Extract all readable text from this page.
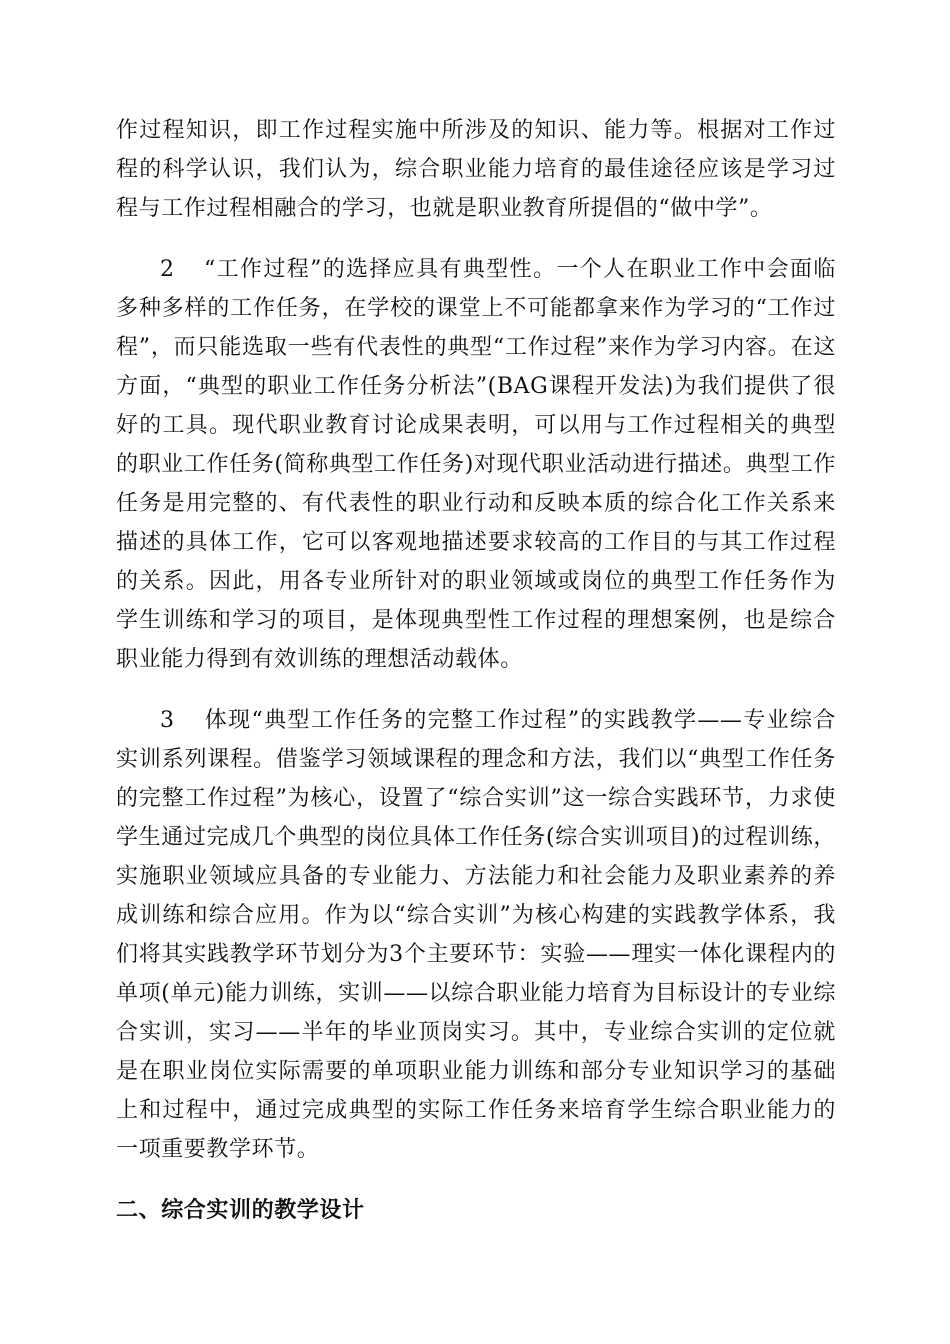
作过程知识，即工作过程实施中所涉及的知识、能力等。根据对工作过程的科学认识，我们认为，综合职业能力培育的最佳途径应该是学习过程与工作过程相融合的学习，也就是职业教育所提倡的“做中学”。

2 “工作过程”的选择应具有典型性。一个人在职业工作中会面临多种多样的工作任务，在学校的课堂上不可能都拿来作为学习的“工作过程”，而只能选取一些有代表性的典型“工作过程”来作为学习内容。在这方面，“典型的职业工作任务分析法”(BAG课程开发法)为我们提供了很好的工具。现代职业教育讨论成果表明，可以用与工作过程相关的典型的职业工作任务(简称典型工作任务)对现代职业活动进行描述。典型工作任务是用完整的、有代表性的职业行动和反映本质的综合化工作关系来描述的具体工作，它可以客观地描述要求较高的工作目的与其工作过程的关系。因此，用各专业所针对的职业领域或岗位的典型工作任务作为学生训练和学习的项目，是体现典型性工作过程的理想案例，也是综合职业能力得到有效训练的理想活动载体。

3 体现“典型工作任务的完整工作过程”的实践教学——专业综合实训系列课程。借鉴学习领域课程的理念和方法，我们以“典型工作任务的完整工作过程”为核心，设置了“综合实训”这一综合实践环节，力求使学生通过完成几个典型的岗位具体工作任务(综合实训项目)的过程训练，实施职业领域应具备的专业能力、方法能力和社会能力及职业素养的养成训练和综合应用。作为以“综合实训”为核心构建的实践教学体系，我们将其实践教学环节划分为3个主要环节：实验——理实一体化课程内的单项(单元)能力训练，实训——以综合职业能力培育为目标设计的专业综合实训，实习——半年的毕业顶岗实习。其中，专业综合实训的定位就是在职业岗位实际需要的单项职业能力训练和部分专业知识学习的基础上和过程中，通过完成典型的实际工作任务来培育学生综合职业能力的一项重要教学环节。

二、综合实训的教学设计
